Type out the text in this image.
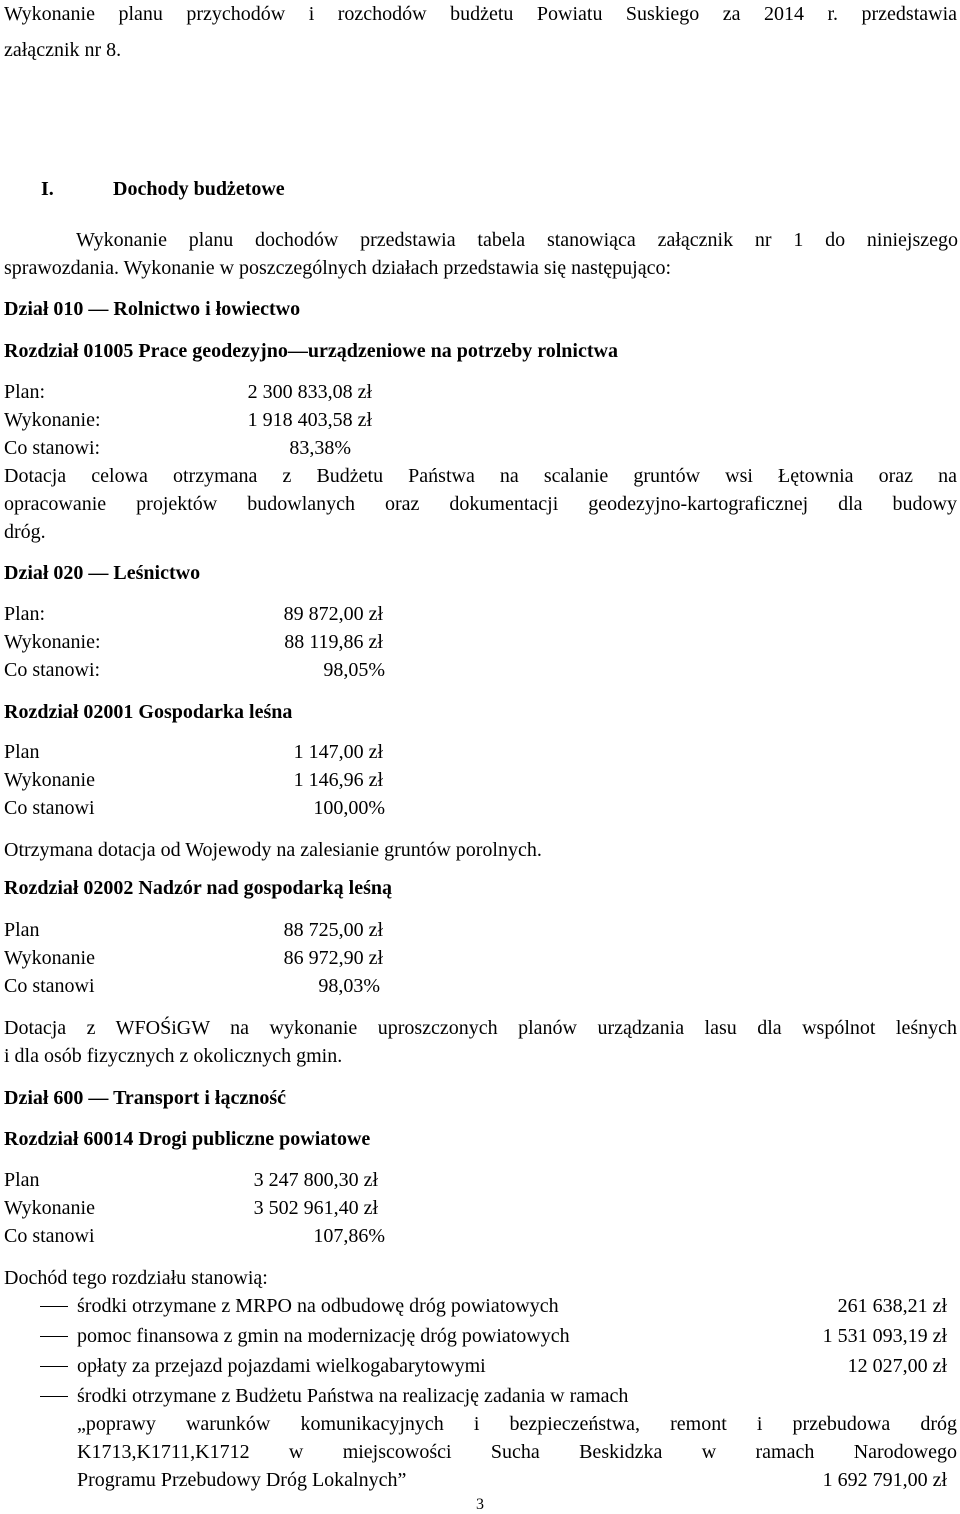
Wykonanie planu przychodów i rozchodów budżetu Powiatu Suskiego za 2014 r. przedstawia
załącznik nr 8.
I.	Dochody budżetowe
Wykonanie planu dochodów przedstawia tabela stanowiąca załącznik nr 1 do niniejszego
sprawozdania. Wykonanie w poszczególnych działach przedstawia się następująco:
Dział 010 — Rolnictwo i łowiectwo
Rozdział 01005 Prace geodezyjno—urządzeniowe na potrzeby rolnictwa
Plan:	2 300 833,08 zł
Wykonanie:	1 918 403,58 zł
Co stanowi:	83,38%
Dotacja celowa otrzymana z Budżetu Państwa na scalanie gruntów wsi Łętownia oraz na
opracowanie projektów budowlanych oraz dokumentacji geodezyjno-kartograficznej dla budowy
dróg.
Dział 020 — Leśnictwo
Plan:	89 872,00 zł
Wykonanie:	88 119,86 zł
Co stanowi:	98,05%
Rozdział 02001 Gospodarka leśna
Plan	1 147,00 zł
Wykonanie	1 146,96 zł
Co stanowi	100,00%
Otrzymana dotacja od Wojewody na zalesianie gruntów porolnych.
Rozdział 02002 Nadzór nad gospodarką leśną
Plan	88 725,00 zł
Wykonanie	86 972,90 zł
Co stanowi	98,03%
Dotacja z WFOŚiGW na wykonanie uproszczonych planów urządzania lasu dla wspólnot leśnych
i dla osób fizycznych z okolicznych gmin.
Dział 600 — Transport i łączność
Rozdział 60014 Drogi publiczne powiatowe
Plan	3 247 800,30 zł
Wykonanie	3 502 961,40 zł
Co stanowi	107,86%
Dochód tego rozdziału stanowią:
środki otrzymane z MRPO na odbudowę dróg powiatowych	261 638,21 zł
pomoc finansowa z gmin na modernizację dróg powiatowych	1 531 093,19 zł
opłaty za przejazd pojazdami wielkogabarytowymi	12 027,00 zł
środki otrzymane z Budżetu Państwa na realizację zadania w ramach
„poprawy warunków komunikacyjnych i bezpieczeństwa, remont i przebudowa dróg
K1713,K1711,K1712 w miejscowości Sucha Beskidzka w ramach Narodowego
Programu Przebudowy Dróg Lokalnych”	1 692 791,00 zł
3
